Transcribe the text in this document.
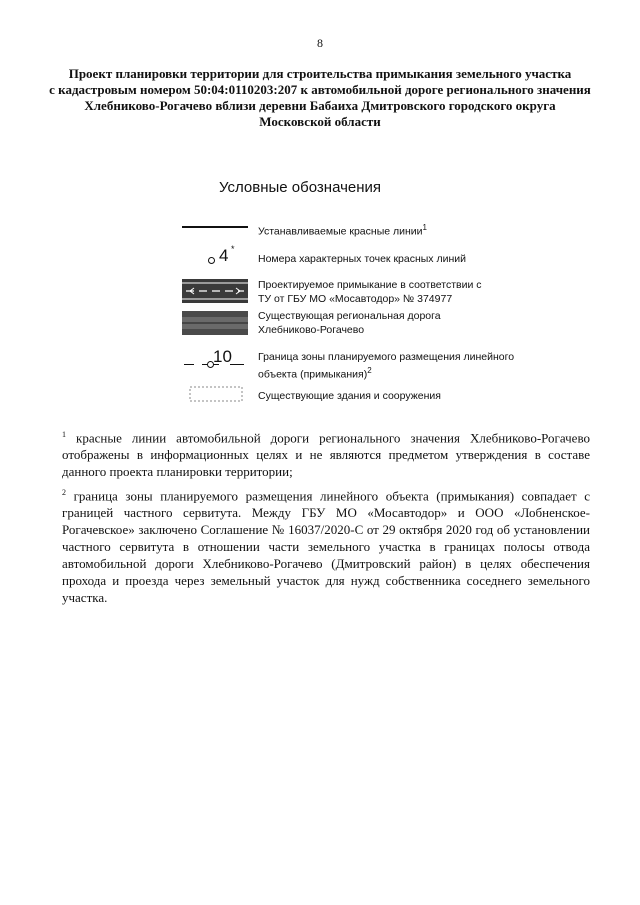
8
Проект планировки территории для строительства примыкания земельного участка
с кадастровым номером 50:04:0110203:207 к автомобильной дороге регионального значения
Хлебниково-Рогачево вблизи деревни Бабаиха Дмитровского городского округа
Московской области
Условные обозначения
Устанавливаемые красные линии$^1$
4 *
Номера характерных точек красных линий
Проектируемое примыкание в соответствии с
ТУ от ГБУ МО «Мосавтодор» № 374977
Существующая региональная дорога
Хлебниково-Рогачево
10 Граница зоны планируемого размещения линейного
объекта (примыкания)$^2$
Существующие здания и сооружения
$^1$ красные линии автомобильной дороги регионального значения Хлебниково-Рогачево отображены в информационных целях и не являются предметом утверждения в составе данного проекта планировки территории;
$^2$ граница зоны планируемого размещения линейного объекта (примыкания) совпадает с границей частного сервитута. Между ГБУ МО «Мосавтодор» и ООО «Лобненское-Рогачевское» заключено Соглашение № 16037/2020-С от 29 октября 2020 год об установлении частного сервитута в отношении части земельного участка в границах полосы отвода автомобильной дороги Хлебниково-Рогачево (Дмитровский район) в целях обеспечения прохода и проезда через земельный участок для нужд собственника соседнего земельного участка.
